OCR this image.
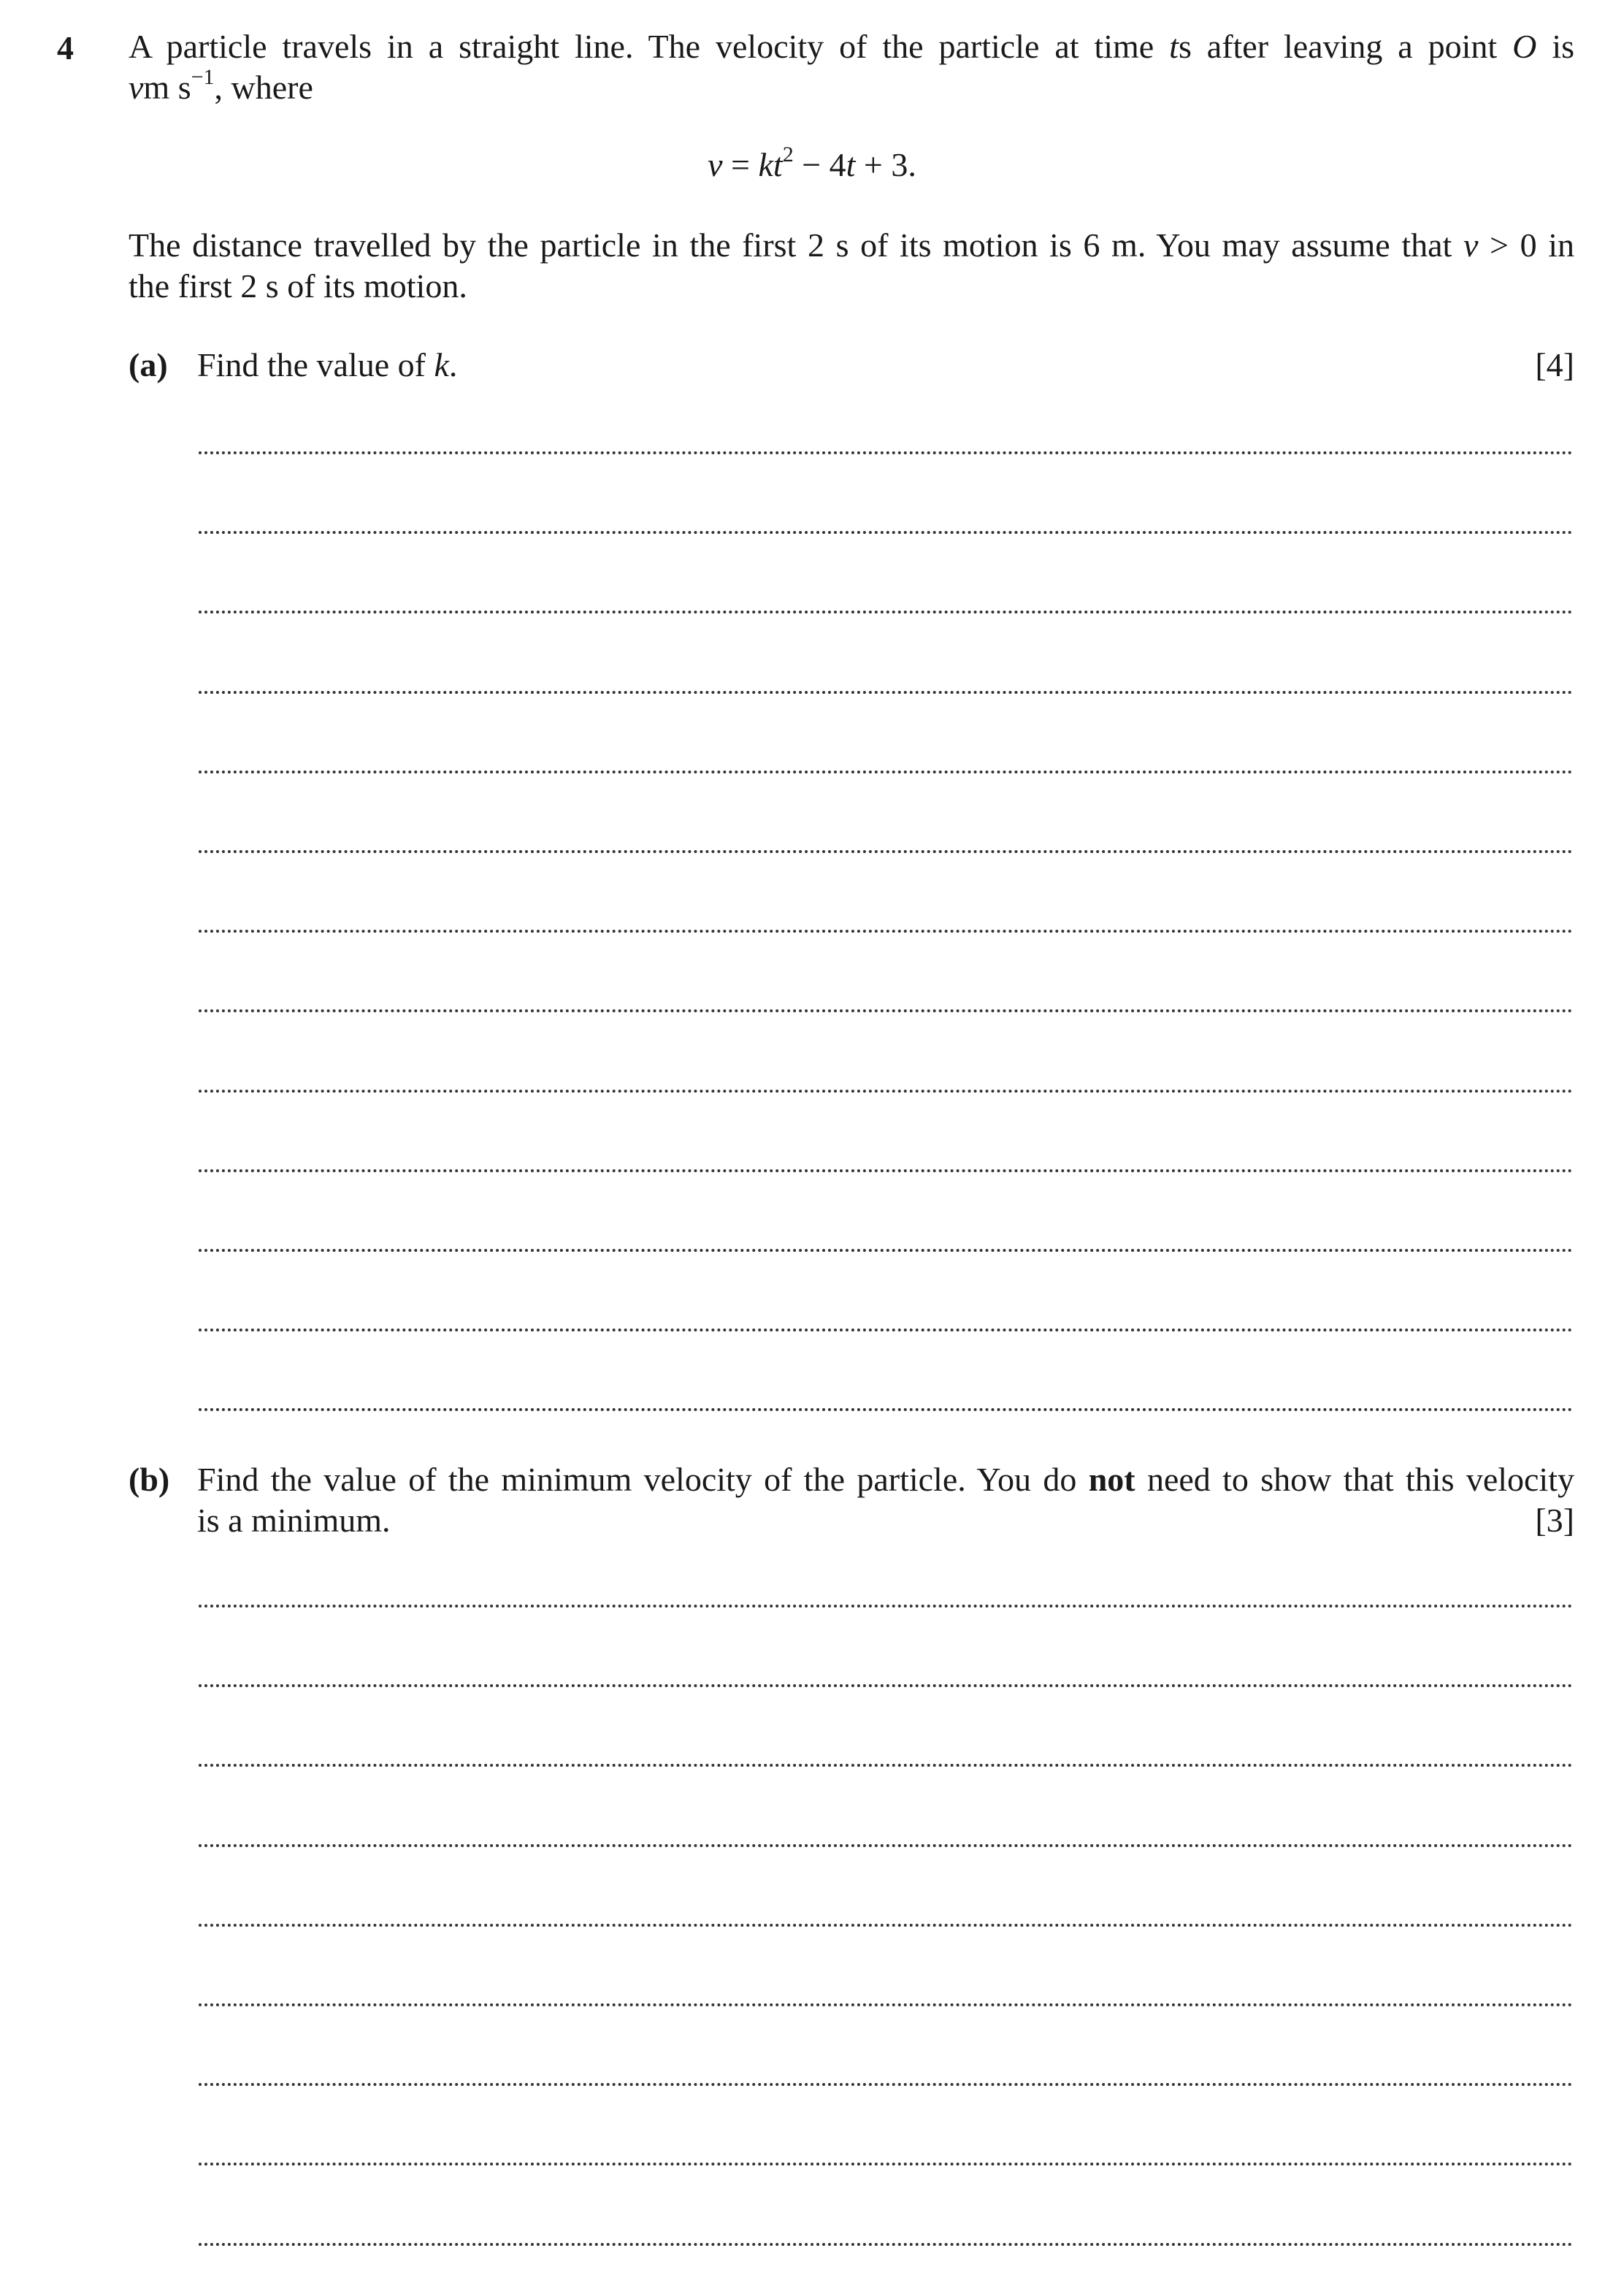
4 A particle travels in a straight line. The velocity of the particle at time ts after leaving a point O is
vm $s^{-1}$, where
$v = kt^2 - 4t + 3$.
The distance travelled by the particle in the first 2 s of its motion is 6 m. You may assume that v > 0 in
the first 2 s of its motion.
(a) Find the value of k.	[4]
(b) Find the value of the minimum velocity of the particle. You do not need to show that this velocity
is a minimum.	[3]
